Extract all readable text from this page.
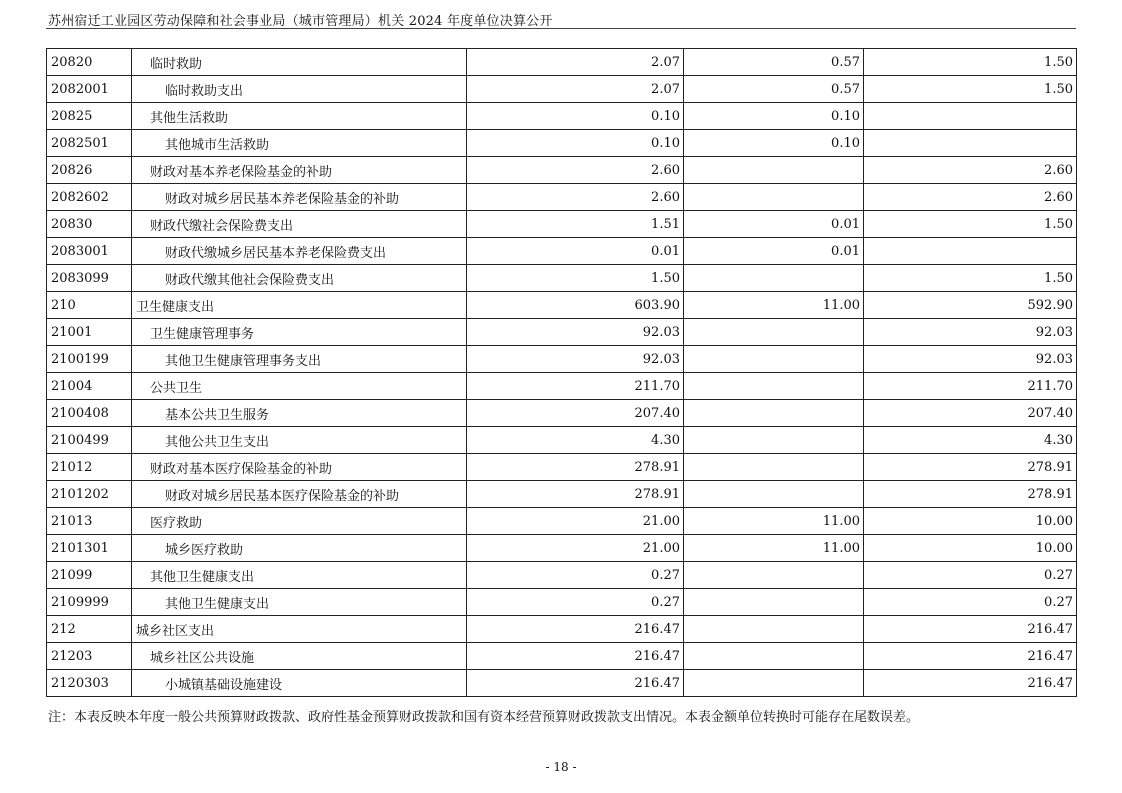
苏州宿迁工业园区劳动保障和社会事业局（城市管理局）机关 2024 年度单位决算公开
20820	临时救助	2.07	0.57	1.50
2082001	临时救助支出	2.07	0.57	1.50
20825	其他生活救助	0.10	0.10	
2082501	其他城市生活救助	0.10	0.10	
20826	财政对基本养老保险基金的补助	2.60		2.60
2082602	财政对城乡居民基本养老保险基金的补助	2.60		2.60
20830	财政代缴社会保险费支出	1.51	0.01	1.50
2083001	财政代缴城乡居民基本养老保险费支出	0.01	0.01	
2083099	财政代缴其他社会保险费支出	1.50		1.50
210	卫生健康支出	603.90	11.00	592.90
21001	卫生健康管理事务	92.03		92.03
2100199	其他卫生健康管理事务支出	92.03		92.03
21004	公共卫生	211.70		211.70
2100408	基本公共卫生服务	207.40		207.40
2100499	其他公共卫生支出	4.30		4.30
21012	财政对基本医疗保险基金的补助	278.91		278.91
2101202	财政对城乡居民基本医疗保险基金的补助	278.91		278.91
21013	医疗救助	21.00	11.00	10.00
2101301	城乡医疗救助	21.00	11.00	10.00
21099	其他卫生健康支出	0.27		0.27
2109999	其他卫生健康支出	0.27		0.27
212	城乡社区支出	216.47		216.47
21203	城乡社区公共设施	216.47		216.47
2120303	小城镇基础设施建设	216.47		216.47
注：本表反映本年度一般公共预算财政拨款、政府性基金预算财政拨款和国有资本经营预算财政拨款支出情况。本表金额单位转换时可能存在尾数误差。
- 18 -
